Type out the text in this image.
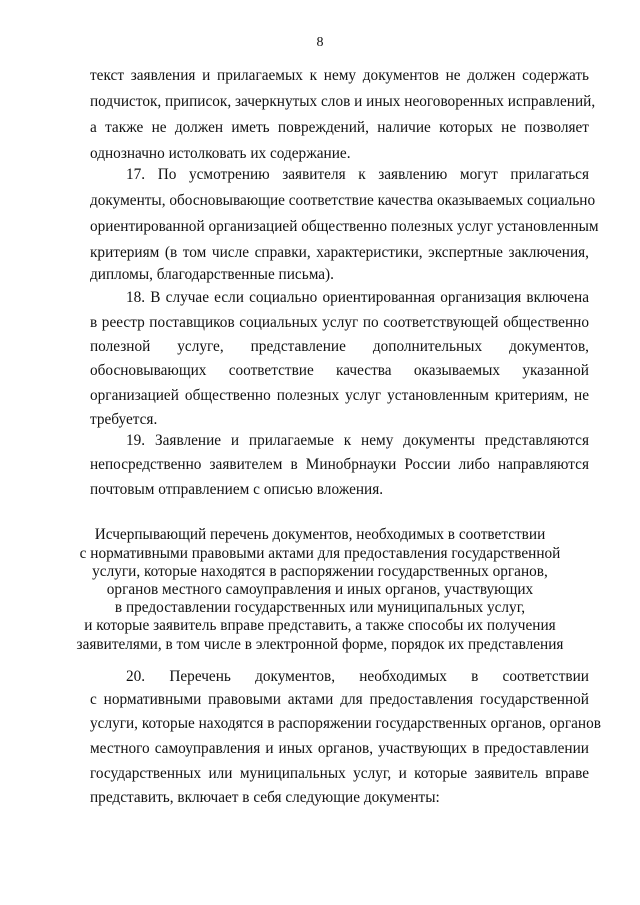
8
текст заявления и прилагаемых к нему документов не должен содержать
подчисток, приписок, зачеркнутых слов и иных неоговоренных исправлений,
а также не должен иметь повреждений, наличие которых не позволяет
однозначно истолковать их содержание.
17. По усмотрению заявителя к заявлению могут прилагаться
документы, обосновывающие соответствие качества оказываемых социально
ориентированной организацией общественно полезных услуг установленным
критериям (в том числе справки, характеристики, экспертные заключения,
дипломы, благодарственные письма).
18. В случае если социально ориентированная организация включена
в реестр поставщиков социальных услуг по соответствующей общественно
полезной услуге, представление дополнительных документов,
обосновывающих соответствие качества оказываемых указанной
организацией общественно полезных услуг установленным критериям, не
требуется.
19. Заявление и прилагаемые к нему документы представляются
непосредственно заявителем в Минобрнауки России либо направляются
почтовым отправлением с описью вложения.
Исчерпывающий перечень документов, необходимых в соответствии
с нормативными правовыми актами для предоставления государственной
услуги, которые находятся в распоряжении государственных органов,
органов местного самоуправления и иных органов, участвующих
в предоставлении государственных или муниципальных услуг,
и которые заявитель вправе представить, а также способы их получения
заявителями, в том числе в электронной форме, порядок их представления
20. Перечень документов, необходимых в соответствии
с нормативными правовыми актами для предоставления государственной
услуги, которые находятся в распоряжении государственных органов, органов
местного самоуправления и иных органов, участвующих в предоставлении
государственных или муниципальных услуг, и которые заявитель вправе
представить, включает в себя следующие документы:
